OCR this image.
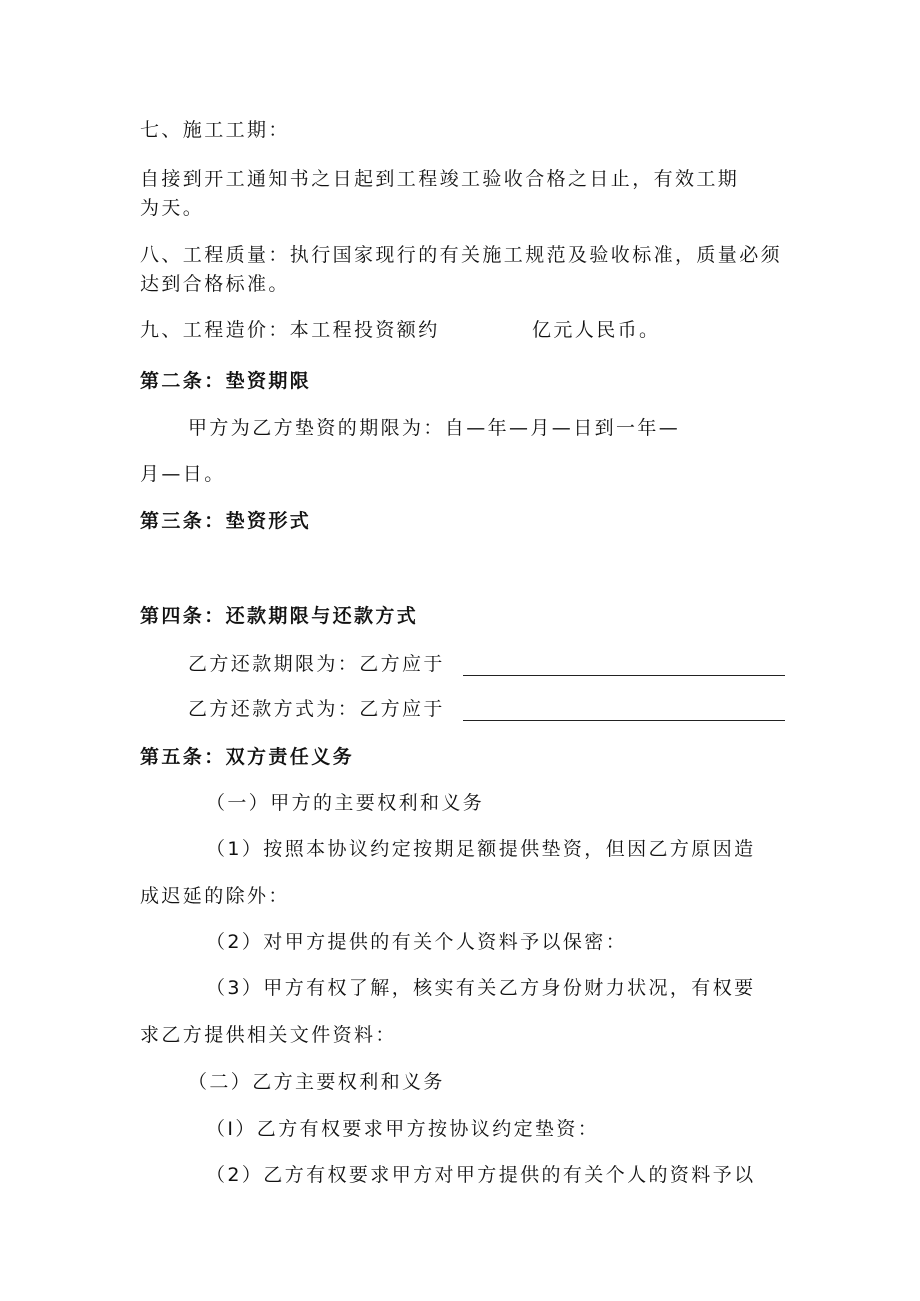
七、施工工期：
自接到开工通知书之日起到工程竣工验收合格之日止，有效工期
为天。
八、工程质量：执行国家现行的有关施工规范及验收标准，质量必须
达到合格标准。
九、工程造价：本工程投资额约	亿元人民币。
第二条：垫资期限
甲方为乙方垫资的期限为：自—年—月—日到一年—
月—日。
第三条：垫资形式
第四条：还款期限与还款方式
乙方还款期限为：乙方应于
乙方还款方式为：乙方应于
第五条：双方责任义务
（一）甲方的主要权利和义务
（1）按照本协议约定按期足额提供垫资，但因乙方原因造
成迟延的除外：
（2）对甲方提供的有关个人资料予以保密：
（3）甲方有权了解，核实有关乙方身份财力状况，有权要
求乙方提供相关文件资料：
（二）乙方主要权利和义务
（I）乙方有权要求甲方按协议约定垫资：
（2）乙方有权要求甲方对甲方提供的有关个人的资料予以
